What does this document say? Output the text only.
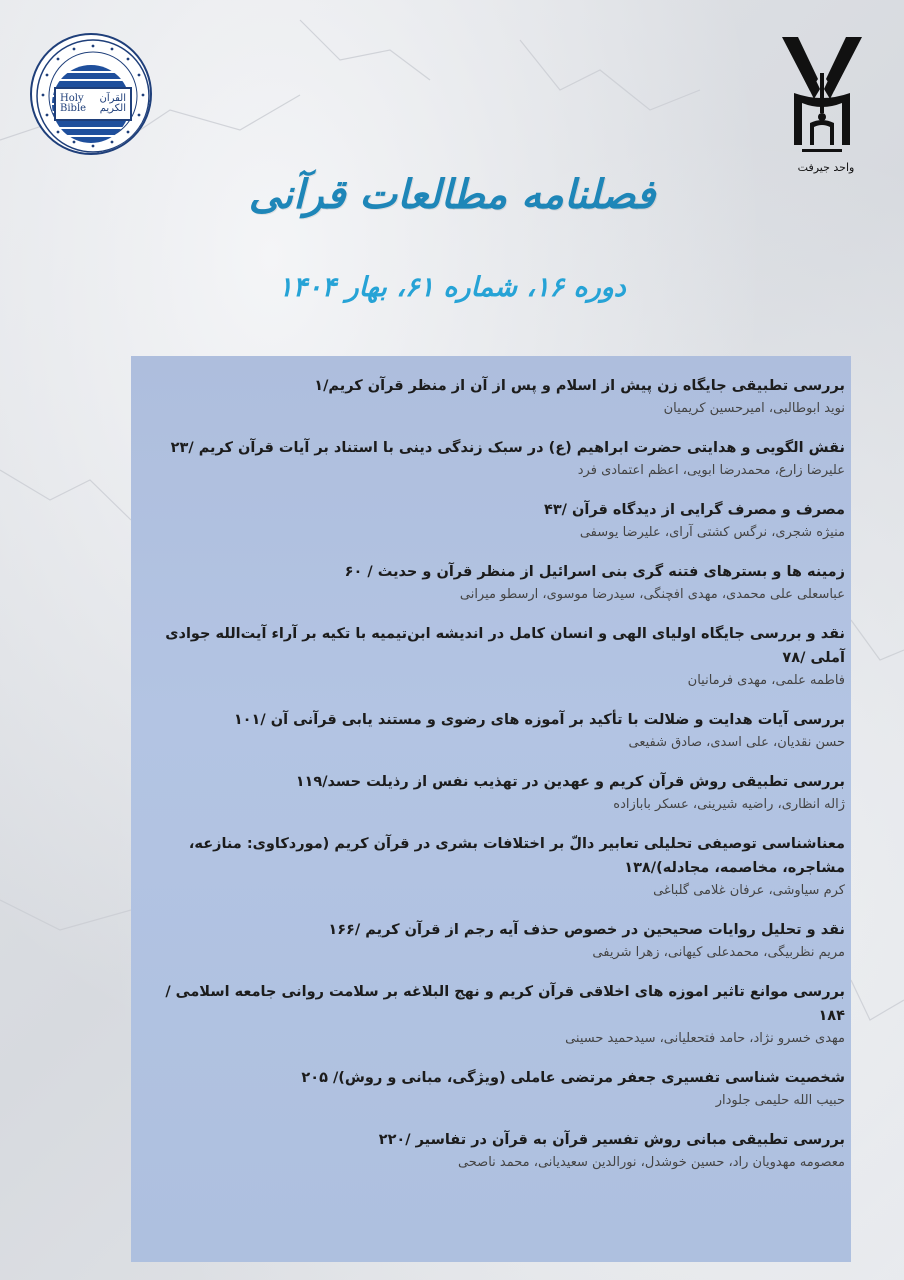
Holy Bible
القرآن الکریم
واحد جیرفت
فصلنامه مطالعات قرآنی
دوره ۱۶، شماره ۶۱، بهار ۱۴۰۴
بررسی تطبیقی جایگاه زن پیش از اسلام و پس از آن از منظر قرآن کریم/۱
نوید ابوطالبی، امیرحسین کریمیان
نقش الگویی و هدایتی حضرت ابراهیم (ع) در سبک زندگی دینی با استناد بر آیات قرآن کریم /۲۳
علیرضا زارع، محمدرضا ابویی، اعظم اعتمادی فرد
مصرف و مصرف گرایی از دیدگاه قرآن /۴۳
منیژه شجری، نرگس کشتی آرای، علیرضا یوسفی
زمینه ها و بسترهای فتنه گری بنی اسرائیل از منظر قرآن و حدیث / ۶۰
عباسعلی علی محمدی، مهدی افچنگی، سیدرضا موسوی، ارسطو میرانی
نقد و بررسی جایگاه اولیای الهی و انسان کامل در اندیشه ابن‌تیمیه با تکیه بر آراء آیت‌الله جوادی آملی /۷۸
فاطمه علمی، مهدی فرمانیان
بررسی آیات هدایت و ضلالت با تأکید بر آموزه های رضوی و مستند یابی قرآنی آن /۱۰۱
حسن نقدیان، علی اسدی، صادق شفیعی
بررسی تطبیقی روش قرآن کریم و عهدین در تهذیب نفس از رذیلت حسد/۱۱۹
ژاله انظاری، راضیه شیرینی، عسکر بابازاده
معناشناسی توصیفی تحلیلی تعابیر دالّ بر اختلافات بشری در قرآن کریم (موردکاوی: منازعه، مشاجره، مخاصمه، مجادله)/۱۳۸
کرم سیاوشی، عرفان غلامی گلباغی
نقد و تحلیل روایات صحیحین در خصوص حذف آیه رجم از قرآن کریم /۱۶۶
مریم نظربیگی، محمدعلی کیهانی، زهرا شریفی
بررسی موانع تاثیر اموزه های اخلاقی قرآن کریم و نهج البلاغه بر سلامت روانی جامعه اسلامی /۱۸۴
مهدی خسرو نژاد، حامد فتحعلیانی، سیدحمید حسینی
شخصیت شناسی تفسیری جعفر مرتضی عاملی (ویژگی، مبانی و روش)/ ۲۰۵
حبیب الله حلیمی جلودار
بررسی تطبیقی مبانی روش تفسیر قرآن به قرآن در تفاسیر /۲۲۰
معصومه مهدویان راد، حسین خوشدل، نورالدین سعیدیانی، محمد ناصحی
